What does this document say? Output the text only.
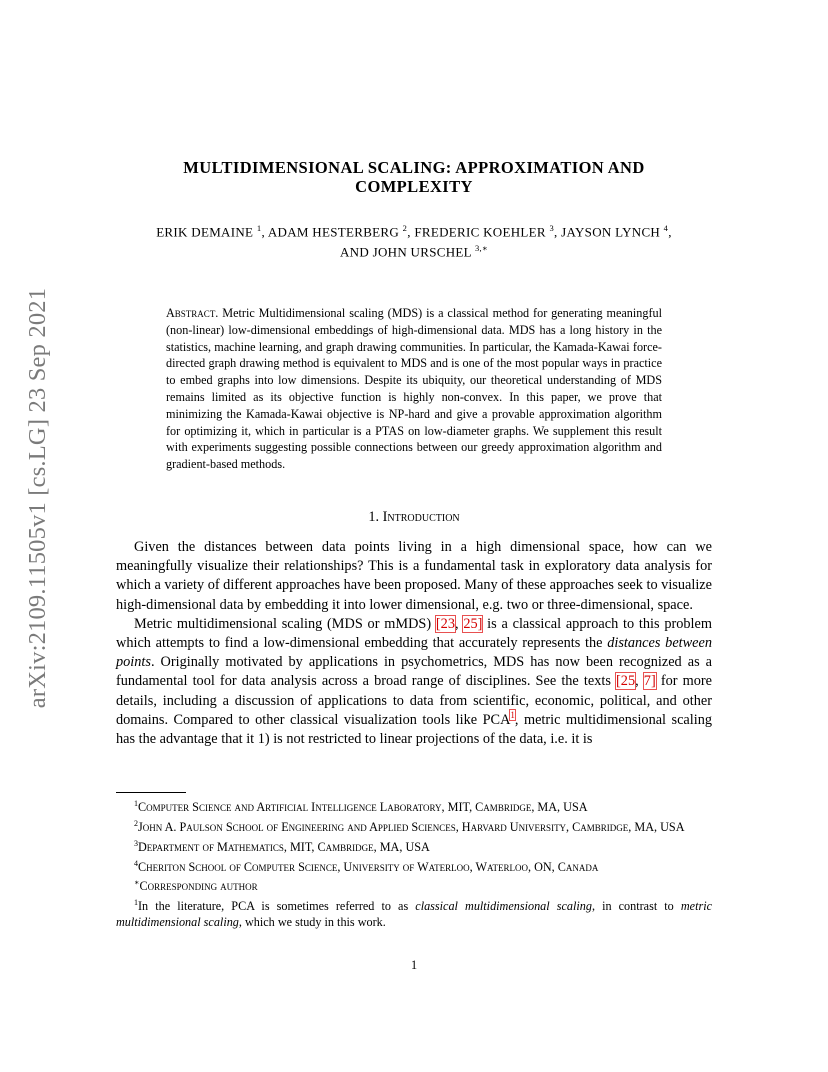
arXiv:2109.11505v1 [cs.LG] 23 Sep 2021
MULTIDIMENSIONAL SCALING: APPROXIMATION AND
COMPLEXITY
ERIK DEMAINE $^1$, ADAM HESTERBERG $^2$, FREDERIC KOEHLER $^3$, JAYSON LYNCH $^4$,
AND JOHN URSCHEL $^{3,∗}$
Abstract. Metric Multidimensional scaling (MDS) is a classical method for generating meaningful (non-linear) low-dimensional embeddings of high-dimensional data. MDS has a long history in the statistics, machine learning, and graph drawing communities. In particular, the Kamada-Kawai force-directed graph drawing method is equivalent to MDS and is one of the most popular ways in practice to embed graphs into low dimensions. Despite its ubiquity, our theoretical understanding of MDS remains limited as its objective function is highly non-convex. In this paper, we prove that minimizing the Kamada-Kawai objective is NP-hard and give a provable approximation algorithm for optimizing it, which in particular is a PTAS on low-diameter graphs. We supplement this result with experiments suggesting possible connections between our greedy approximation algorithm and gradient-based methods.
1. Introduction

Given the distances between data points living in a high dimensional space, how can we meaningfully visualize their relationships? This is a fundamental task in exploratory data analysis for which a variety of different approaches have been proposed. Many of these approaches seek to visualize high-dimensional data by embedding it into lower dimensional, e.g. two or three-dimensional, space.

Metric multidimensional scaling (MDS or mMDS) [23, 25] is a classical approach to this problem which attempts to find a low-dimensional embedding that accurately represents the distances between points. Originally motivated by applications in psychometrics, MDS has now been recognized as a fundamental tool for data analysis across a broad range of disciplines. See the texts [25, 7] for more details, including a discussion of applications to data from scientific, economic, political, and other domains. Compared to other classical visualization tools like PCA$^1$, metric multidimensional scaling has the advantage that it 1) is not restricted to linear projections of the data, i.e. it is

$^1$Computer Science and Artificial Intelligence Laboratory, MIT, Cambridge, MA, USA

$^2$John A. Paulson School of Engineering and Applied Sciences, Harvard University, Cambridge, MA, USA

$^3$Department of Mathematics, MIT, Cambridge, MA, USA

$^4$Cheriton School of Computer Science, University of Waterloo, Waterloo, ON, Canada

∗Corresponding author

$^1$In the literature, PCA is sometimes referred to as classical multidimensional scaling, in contrast to metric multidimensional scaling, which we study in this work.

1
